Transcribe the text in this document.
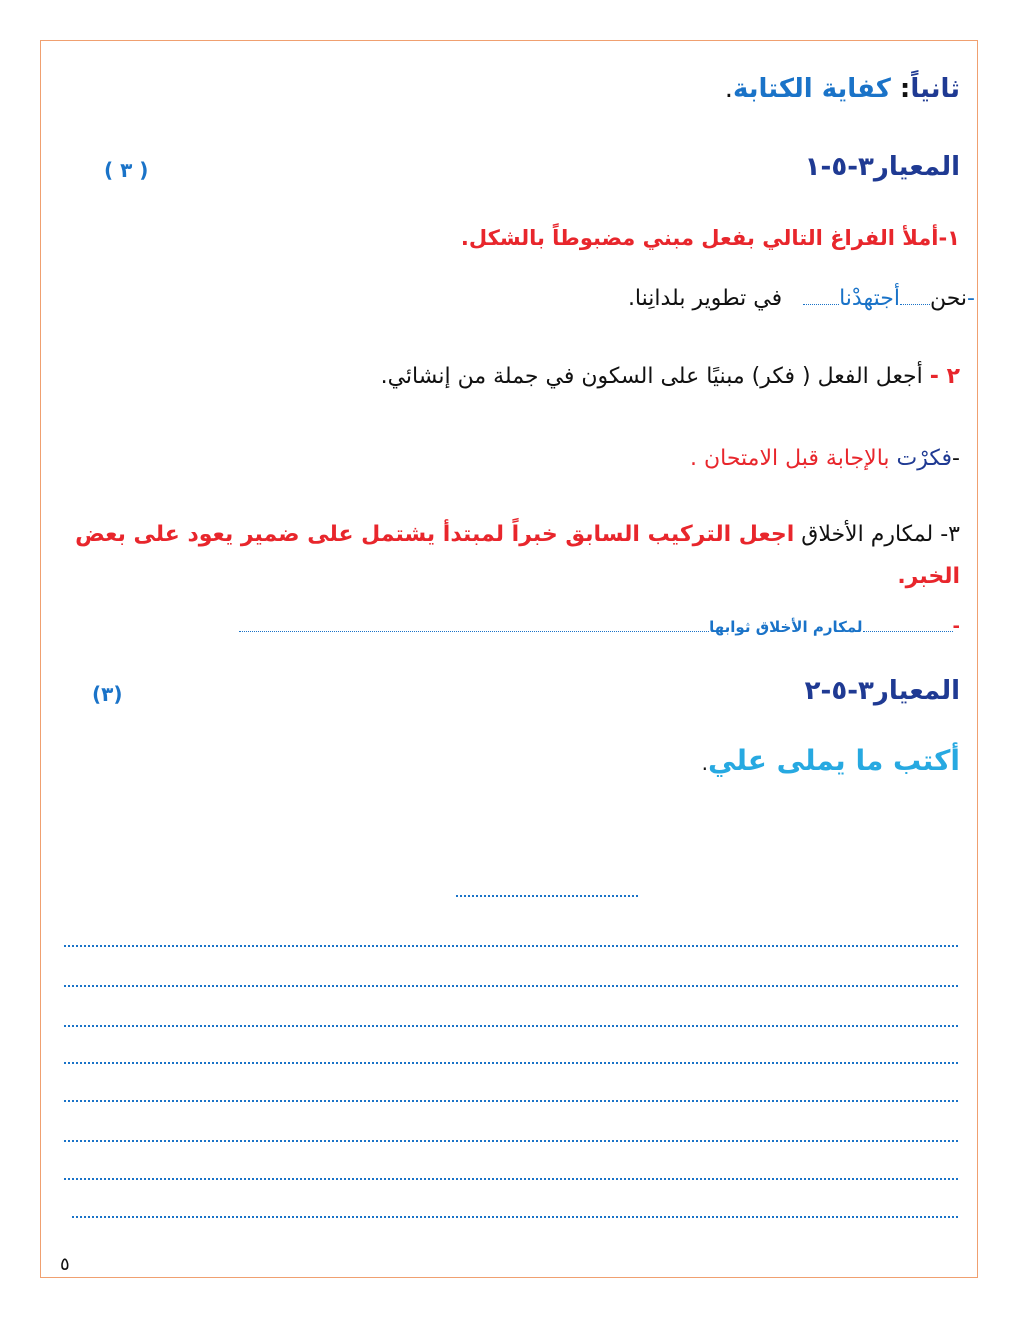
ثانياً: كفاية الكتابة.
المعيار٣-٥-١
( ٣ )
١-أملأ الفراغ التالي بفعل مبني مضبوطاً بالشكل.
-نحنأجتهدْنا   في تطوير بلدانِنا.
٢ - أجعل الفعل ( فكر) مبنيًا على السكون في جملة من إنشائي.
-فكرْت بالإجابة قبل الامتحان .
٣- لمكارم الأخلاق اجعل التركيب السابق خبراً لمبتدأ يشتمل على ضمير يعود على بعض
الخبر.
-لمكارم الأخلاق ثوابها
المعيار٣-٥-٢
(٣)
أكتب ما يملى علي.
٥
